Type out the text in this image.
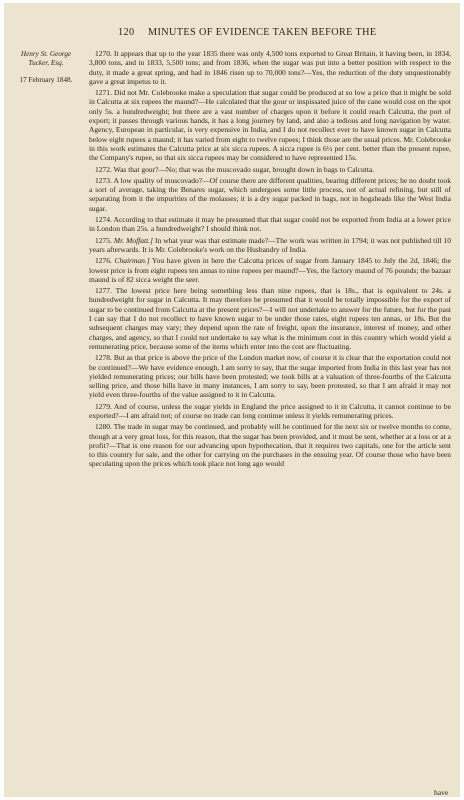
120 MINUTES OF EVIDENCE TAKEN BEFORE THE
Henry St. George
Tucker, Esq.
17 February 1848.

1270. It appears that up to the year 1835 there was only 4,500 tons exported to Great Britain, it having been, in 1834, 3,800 tons, and in 1833, 5,500 tons; and from 1836, when the sugar was put into a better position with respect to the duty, it made a great spring, and had in 1846 risen up to 70,000 tons?—Yes, the reduction of the duty unquestionably gave a great impetus to it.

1271. Did not Mr. Colebrooke make a speculation that sugar could be produced at so low a price that it might be sold in Calcutta at six rupees the maund?—He calculated that the gour or inspissated juice of the cane would cost on the spot only 5s. a hundredweight; but there are a vast number of charges upon it before it could reach Calcutta, the port of export; it passes through various hands, it has a long journey by land, and also a tedious and long navigation by water. Agency, European in particular, is very expensive in India, and I do not recollect ever to have known sugar in Calcutta below eight rupees a maund; it has varied from eight to twelve rupees; I think those are the usual prices. Mr. Colebrooke in this work estimates the Calcutta price at six sicca rupees. A sicca rupee is 6½ per cent. better than the present rupee, the Company's rupee, so that six sicca rupees may be considered to have represented 15s.

1272. Was that gour?—No; that was the muscovado sugar, brought down in bags to Calcutta.

1273. A low quality of muscovado?—Of course there are different qualities, bearing different prices; he no doubt took a sort of average, taking the Benares sugar, which undergoes some little process, not of actual refining, but still of separating from it the impurities of the molasses; it is a dry sugar packed in bags, not in hogsheads like the West India sugar.

1274. According to that estimate it may be presumed that that sugar could not be exported from India at a lower price in London than 25s. a hundredweight? I should think not.

1275. Mr. Moffatt.] In what year was that estimate made?—The work was written in 1794; it was not published till 10 years afterwards. It is Mr. Colebrooke's work on the Husbandry of India.

1276. Chairman.] You have given in here the Calcutta prices of sugar from January 1845 to July the 2d, 1846; the lowest price is from eight rupees ten annas to nine rupees per maund?—Yes, the factory maund of 76 pounds; the bazaar maund is of 82 sicca weight the seer.

1277. The lowest price here being something less than nine rupees, that is 18s., that is equivalent to 24s. a hundredweight for sugar in Calcutta. It may therefore be presumed that it would be totally impossible for the export of sugar to be continued from Calcutta at the present prices?—I will not undertake to answer for the future, but for the past I can say that I do not recollect to have known sugar to be under those rates, eight rupees ten annas, or 18s. But the subsequent charges may vary; they depend upon the rate of freight, upon the insurance, interest of money, and other charges, and agency, so that I could not undertake to say what is the minimum cost in this country which would yield a remunerating price, because some of the items which enter into the cost are fluctuating.

1278. But as that price is above the price of the London market now, of course it is clear that the exportation could not be continued?—We have evidence enough, I am sorry to say, that the sugar imported from India in this last year has not yielded remunerating prices; our bills have been protested; we took bills at a valuation of three-fourths of the Calcutta selling price, and those bills have in many instances, I am sorry to say, been protested, so that I am afraid it may not yield even three-fourths of the value assigned to it in Calcutta.

1279. And of course, unless the sugar yields in England the price assigned to it in Calcutta, it cannot continue to be exported?—I am afraid not; of course no trade can long continue unless it yields remunerating prices.

1280. The trade in sugar may be continued, and probably will be continued for the next six or twelve months to come, though at a very great loss, for this reason, that the sugar has been provided, and it must be sent, whether at a loss or at a profit?—That is one reason for our advancing upon hypothecation, that it requires two capitals, one for the article sent to this country for sale, and the other for carrying on the purchases in the ensuing year. Of course those who have been speculating upon the prices which took place not long ago would

have
